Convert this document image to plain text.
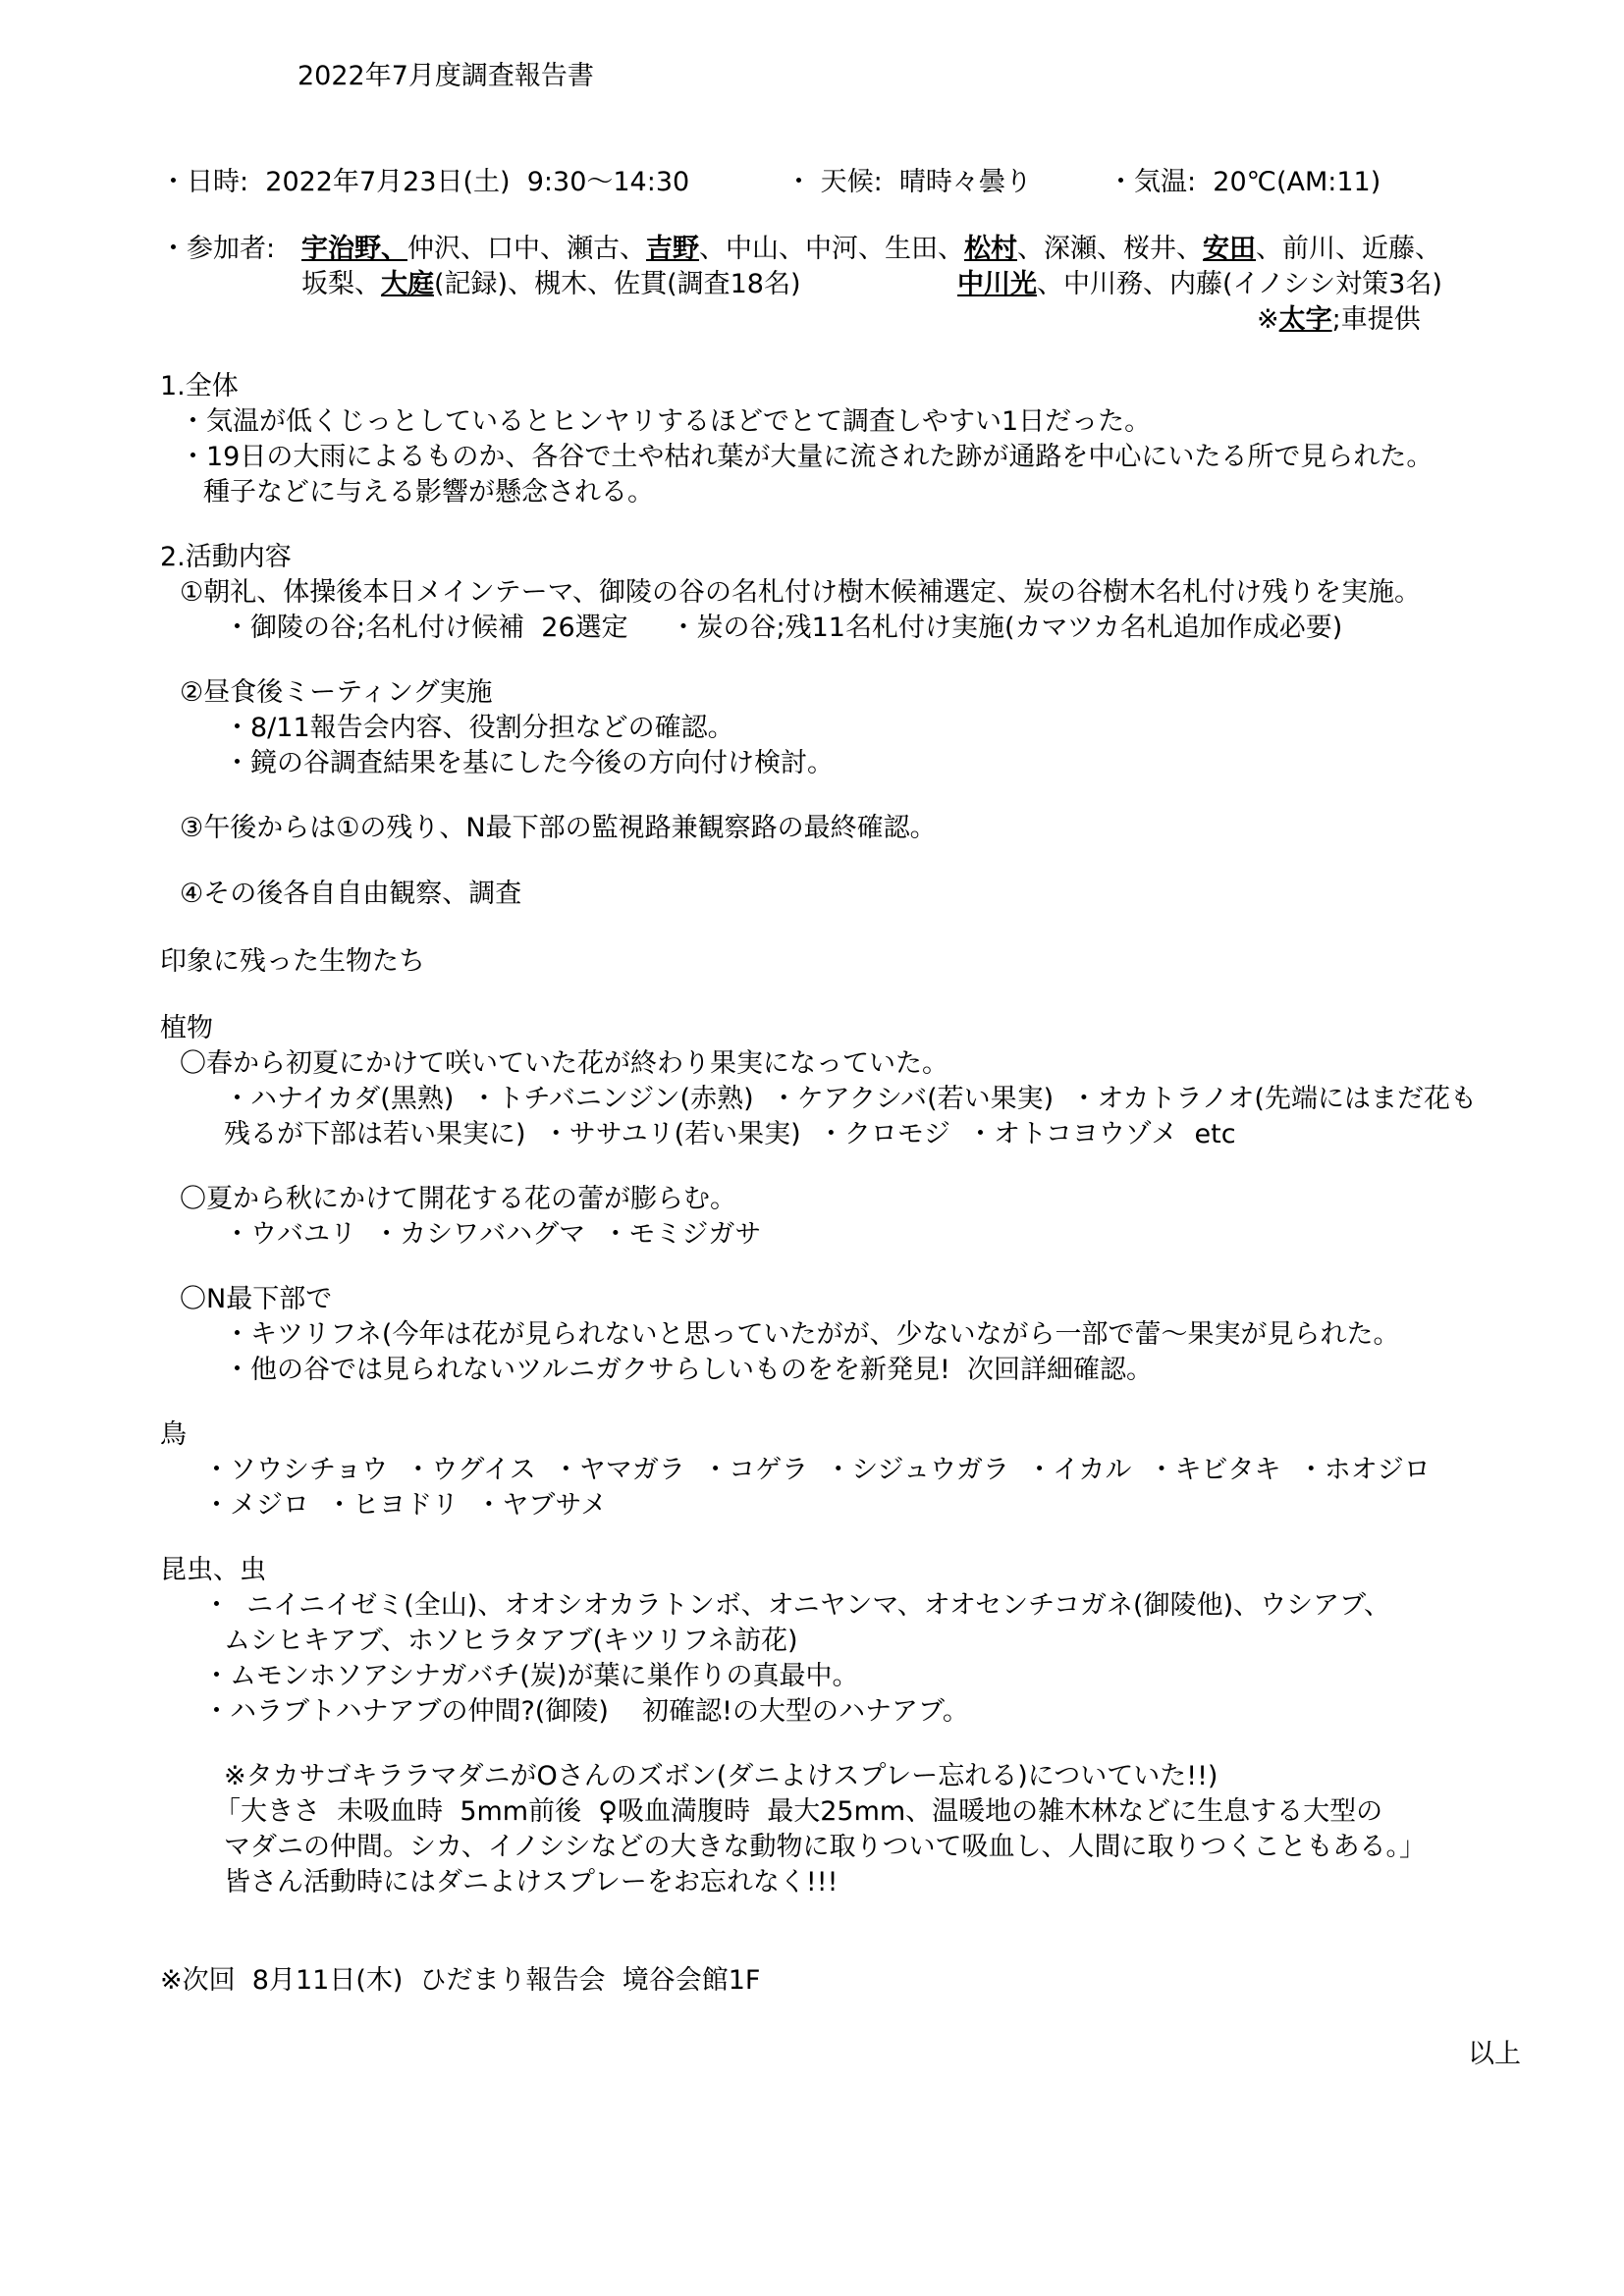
2022年7月度調査報告書
・日時:  2022年7月23日(土)  9:30〜14:30	・ 天候:  晴時々曇り	・気温:  20℃(AM:11)
・参加者: 宇治野、仲沢、口中、瀬古、吉野、中山、中河、生田、松村、深瀬、桜井、安田、前川、近藤、
坂梨、大庭(記録)、槻木、佐貫(調査18名)	中川光、中川務、内藤(イノシシ対策3名)
※太字;車提供
1.全体
・気温が低くじっとしているとヒンヤリするほどでとて調査しやすい1日だった。
・19日の大雨によるものか、各谷で土や枯れ葉が大量に流された跡が通路を中心にいたる所で見られた。
種子などに与える影響が懸念される。
2.活動内容
①朝礼、体操後本日メインテーマ、御陵の谷の名札付け樹木候補選定、炭の谷樹木名札付け残りを実施。
・御陵の谷;名札付け候補  26選定     ・炭の谷;残11名札付け実施(カマツカ名札追加作成必要)
②昼食後ミーティング実施
・8/11報告会内容、役割分担などの確認。
・鏡の谷調査結果を基にした今後の方向付け検討。
③午後からは①の残り、N最下部の監視路兼観察路の最終確認。
④その後各自自由観察、調査
印象に残った生物たち
植物
〇春から初夏にかけて咲いていた花が終わり果実になっていた。
・ハナイカダ(黒熟)  ・トチバニンジン(赤熟)  ・ケアクシバ(若い果実)  ・オカトラノオ(先端にはまだ花も
残るが下部は若い果実に)  ・ササユリ(若い果実)  ・クロモジ  ・オトコヨウゾメ  etc
〇夏から秋にかけて開花する花の蕾が膨らむ。
・ウバユリ  ・カシワバハグマ  ・モミジガサ
〇N最下部で
・キツリフネ(今年は花が見られないと思っていたがが、少ないながら一部で蕾〜果実が見られた。
・他の谷では見られないツルニガクサらしいものをを新発見!  次回詳細確認。
鳥
・ソウシチョウ  ・ウグイス  ・ヤマガラ  ・コゲラ  ・シジュウガラ  ・イカル  ・キビタキ  ・ホオジロ
・メジロ  ・ヒヨドリ  ・ヤブサメ
昆虫、虫
・  ニイニイゼミ(全山)、オオシオカラトンボ、オニヤンマ、オオセンチコガネ(御陵他)、ウシアブ、
ムシヒキアブ、ホソヒラタアブ(キツリフネ訪花)
・ムモンホソアシナガバチ(炭)が葉に巣作りの真最中。
・ハラブトハナアブの仲間?(御陵)    初確認!の大型のハナアブ。
※タカサゴキララマダニがOさんのズボン(ダニよけスプレー忘れる)についていた!!)
「大きさ  未吸血時  5mm前後  ♀吸血満腹時  最大25mm、温暖地の雑木林などに生息する大型の
マダニの仲間。シカ、イノシシなどの大きな動物に取りついて吸血し、人間に取りつくこともある。」
皆さん活動時にはダニよけスプレーをお忘れなく!!!
※次回  8月11日(木)  ひだまり報告会  境谷会館1F
以上
